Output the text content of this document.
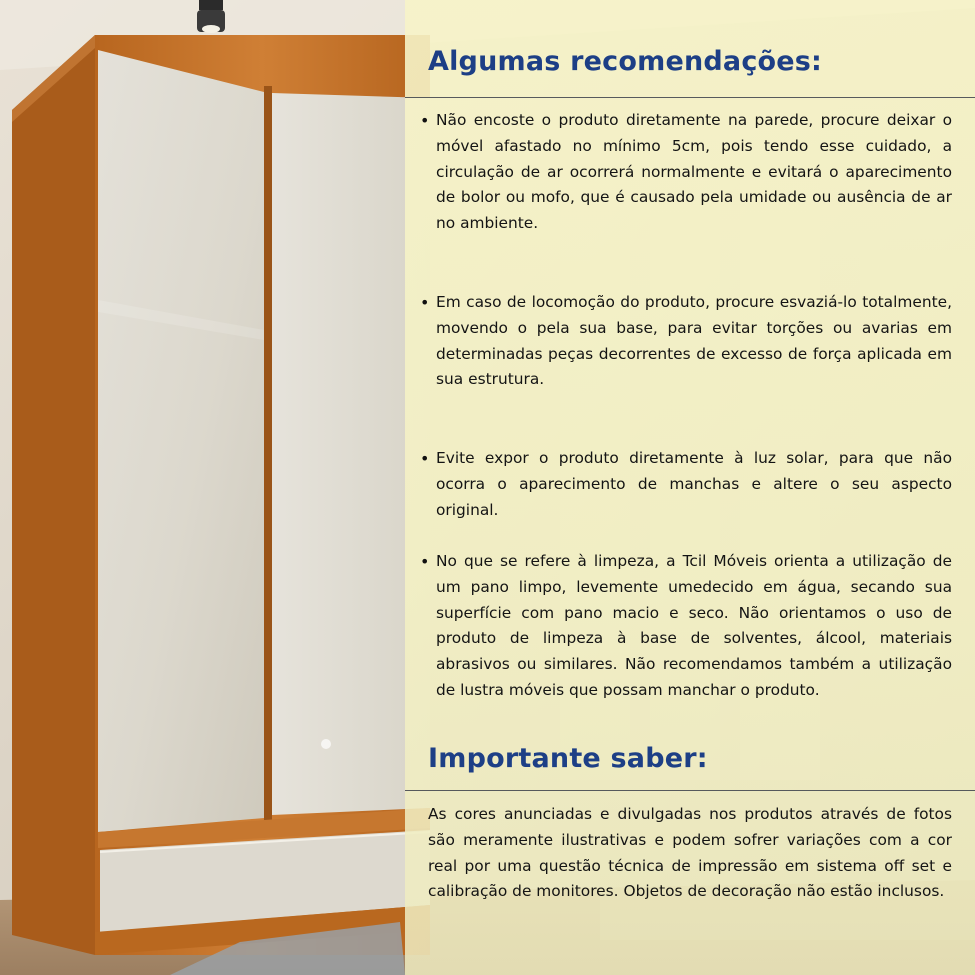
Algumas recomendações:
• Não encoste o produto diretamente na parede, procure deixar o móvel afastado no mínimo 5cm, pois tendo esse cuidado, a circulação de ar ocorrerá normalmente e evitará o aparecimento de bolor ou mofo, que é causado pela umidade ou ausência de ar no ambiente.

• Em caso de locomoção do produto, procure esvaziá-lo totalmente, movendo o pela sua base, para evitar torções ou avarias em determinadas peças decorrentes de excesso de força aplicada em sua estrutura.

• Evite expor o produto diretamente à luz solar, para que não ocorra o aparecimento de manchas e altere o seu aspecto original.

• No que se refere à limpeza, a Tcil Móveis orienta a utilização de um pano limpo, levemente umedecido em água, secando sua superfície com pano macio e seco. Não orientamos o uso de produto de limpeza à base de solventes, álcool, materiais abrasivos ou similares. Não recomendamos também a utilização de lustra móveis que possam manchar o produto.

Importante saber:

As cores anunciadas e divulgadas nos produtos através de fotos são meramente ilustrativas e podem sofrer variações com a cor real por uma questão técnica de impressão em sistema off set e calibração de monitores. Objetos de decoração não estão inclusos.
